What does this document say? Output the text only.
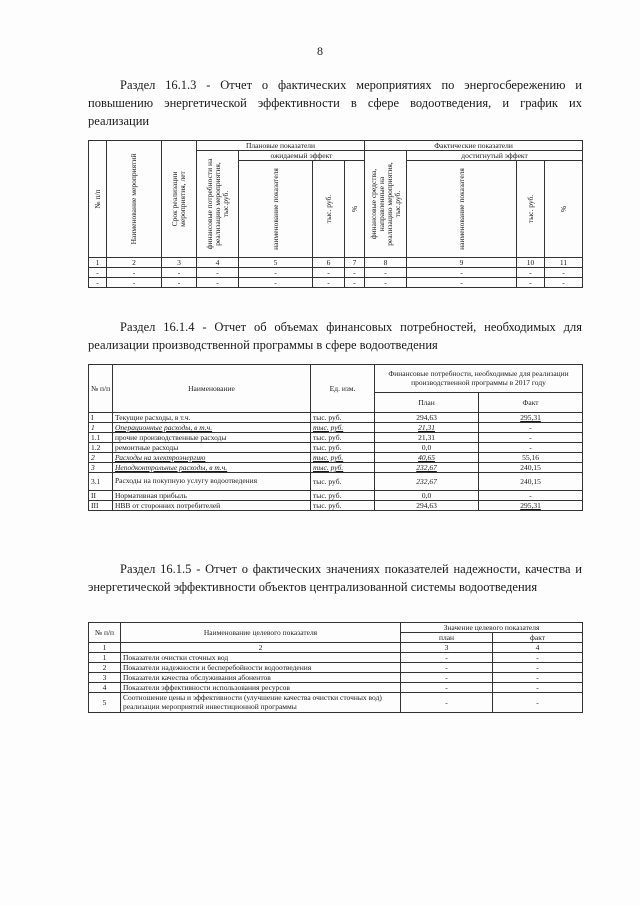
8
Раздел 16.1.3 - Отчет о фактических мероприятиях по энергосбережению и повышению энергетической эффективности в сфере водоотведения, и график их реализации
№ п/п	Наименование мероприятий	Срок реализации мероприятия, лет	Плановые показатели				Фактические показатели			

			финансовые потребности на реализацию мероприятия, тыс.руб.	ожидаемый эффект			финансовые средства, направленные на реализацию мероприятия, тыс.руб.	достигнутый эффект		

				наименование показателя	тыс. руб.	%		наименование показателя	тыс. руб.	%

1	2	3	4	5	6	7	8	9	10	11
-	-	-	-	-	-	-	-	-	-	-
-	-	-	-	-	-	-	-	-	-	-
Раздел 16.1.4 - Отчет об объемах финансовых потребностей, необходимых для реализации производственной программы в сфере водоотведения
№ п/п	Наименование	Ед. изм.	Финансовые потребности, необходимые для реализации производственной программы в 2017 году	
			План	Факт
I	Текущие расходы, в т.ч.	тыс. руб.	294,63	295,31
1	Операционные расходы, в т.ч.	тыс. руб.	21,31	-
1.1	прочие производственные расходы	тыс. руб.	21,31	-
1.2	ремонтные расходы	тыс. руб.	0,0	-
2	Расходы на электроэнергию	тыс. руб.	40,65	55,16
3	Неподконтрольные расходы, в т.ч.	тыс. руб.	232,67	240,15
3.1	Расходы на покупную услугу водоотведения	тыс. руб.	232,67	240,15
II	Нормативная прибыль	тыс. руб.	0,0	-
III	НВВ от сторонних потребителей	тыс. руб.	294,63	295,31
Раздел 16.1.5 - Отчет о фактических значениях показателей надежности, качества и энергетической эффективности объектов централизованной системы водоотведения
№ п/п	Наименование целевого показателя	Значение целевого показателя	
		план	факт
1	2	3	4
1	Показатели очистки сточных вод	-	-
2	Показатели надежности и бесперебойности водоотведения	-	-
3	Показатели качества обслуживания абонентов	-	-
4	Показатели эффективности использования ресурсов	-	-
5	Соотношение цены и эффективности (улучшение качества очистки сточных вод) реализации мероприятий инвестиционной программы	-	-
